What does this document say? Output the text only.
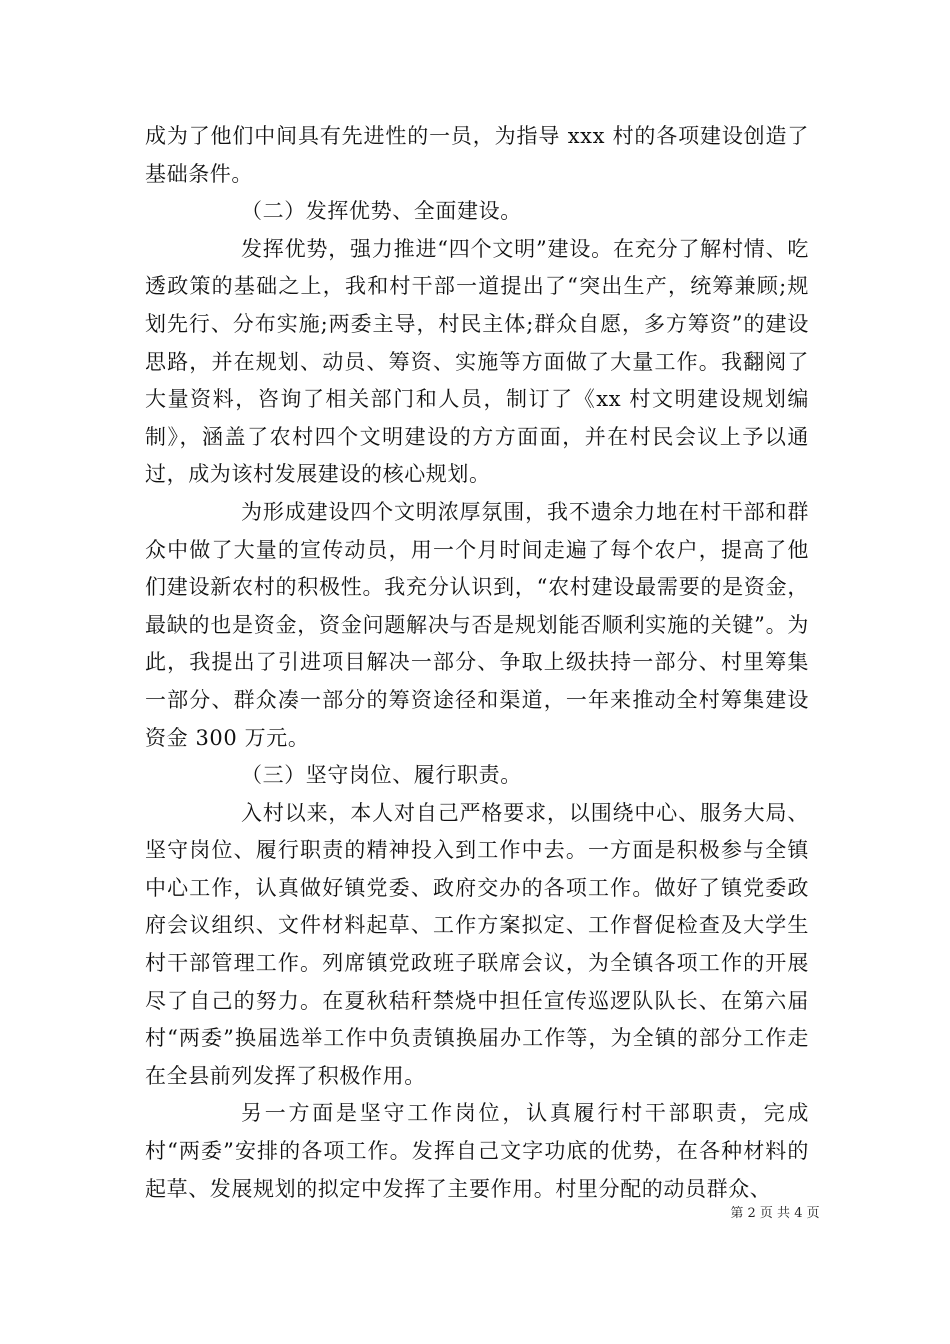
成为了他们中间具有先进性的一员，为指导 xxx 村的各项建设创造了基础条件。

（二）发挥优势、全面建设。

发挥优势，强力推进“四个文明”建设。在充分了解村情、吃透政策的基础之上，我和村干部一道提出了“突出生产，统筹兼顾;规划先行、分布实施;两委主导，村民主体;群众自愿，多方筹资”的建设思路，并在规划、动员、筹资、实施等方面做了大量工作。我翻阅了大量资料，咨询了相关部门和人员，制订了《xx 村文明建设规划编制》，涵盖了农村四个文明建设的方方面面，并在村民会议上予以通过，成为该村发展建设的核心规划。

为形成建设四个文明浓厚氛围，我不遗余力地在村干部和群众中做了大量的宣传动员，用一个月时间走遍了每个农户，提高了他们建设新农村的积极性。我充分认识到，“农村建设最需要的是资金，最缺的也是资金，资金问题解决与否是规划能否顺利实施的关键”。为此，我提出了引进项目解决一部分、争取上级扶持一部分、村里筹集一部分、群众凑一部分的筹资途径和渠道，一年来推动全村筹集建设资金 300 万元。

（三）坚守岗位、履行职责。

入村以来，本人对自己严格要求，以围绕中心、服务大局、坚守岗位、履行职责的精神投入到工作中去。一方面是积极参与全镇中心工作，认真做好镇党委、政府交办的各项工作。做好了镇党委政府会议组织、文件材料起草、工作方案拟定、工作督促检查及大学生村干部管理工作。列席镇党政班子联席会议，为全镇各项工作的开展尽了自己的努力。在夏秋秸秆禁烧中担任宣传巡逻队队长、在第六届村“两委”换届选举工作中负责镇换届办工作等，为全镇的部分工作走在全县前列发挥了积极作用。

另一方面是坚守工作岗位，认真履行村干部职责，完成村“两委”安排的各项工作。发挥自己文字功底的优势，在各种材料的起草、发展规划的拟定中发挥了主要作用。村里分配的动员群众、

第 2 页 共 4 页
